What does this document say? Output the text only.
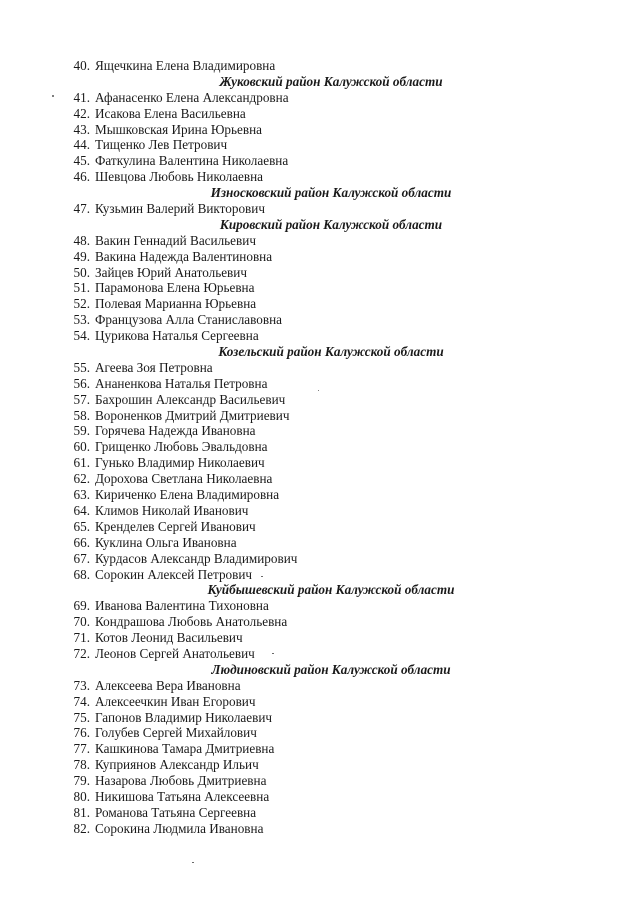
40. Ящечкина Елена Владимировна
Жуковский район Калужской области
41. Афанасенко Елена Александровна
42. Исакова Елена Васильевна
43. Мышковская Ирина Юрьевна
44. Тищенко Лев Петрович
45. Фаткулина Валентина Николаевна
46. Шевцова Любовь Николаевна
Износковский район Калужской области
47. Кузьмин Валерий Викторович
Кировский район Калужской области
48. Вакин Геннадий Васильевич
49. Вакина Надежда Валентиновна
50. Зайцев Юрий Анатольевич
51. Парамонова Елена Юрьевна
52. Полевая Марианна Юрьевна
53. Французова Алла Станиславовна
54. Цурикова Наталья Сергеевна
Козельский район Калужской области
55. Агеева Зоя Петровна
56. Ананенкова Наталья Петровна
57. Бахрошин Александр Васильевич
58. Вороненков Дмитрий Дмитриевич
59. Горячева Надежда Ивановна
60. Грищенко Любовь Эвальдовна
61. Гунько Владимир Николаевич
62. Дорохова Светлана Николаевна
63. Кириченко Елена Владимировна
64. Климов Николай Иванович
65. Кренделев Сергей Иванович
66. Куклина Ольга Ивановна
67. Курдасов Александр Владимирович
68. Сорокин Алексей Петрович
Куйбышевский район Калужской области
69. Иванова Валентина Тихоновна
70. Кондрашова Любовь Анатольевна
71. Котов Леонид Васильевич
72. Леонов Сергей Анатольевич
Людиновский район Калужской области
73. Алексеева Вера Ивановна
74. Алексеечкин Иван Егорович
75. Гапонов Владимир Николаевич
76. Голубев Сергей Михайлович
77. Кашкинова Тамара Дмитриевна
78. Куприянов Александр Ильич
79. Назарова Любовь Дмитриевна
80. Никишова Татьяна Алексеевна
81. Романова Татьяна Сергеевна
82. Сорокина Людмила Ивановна
